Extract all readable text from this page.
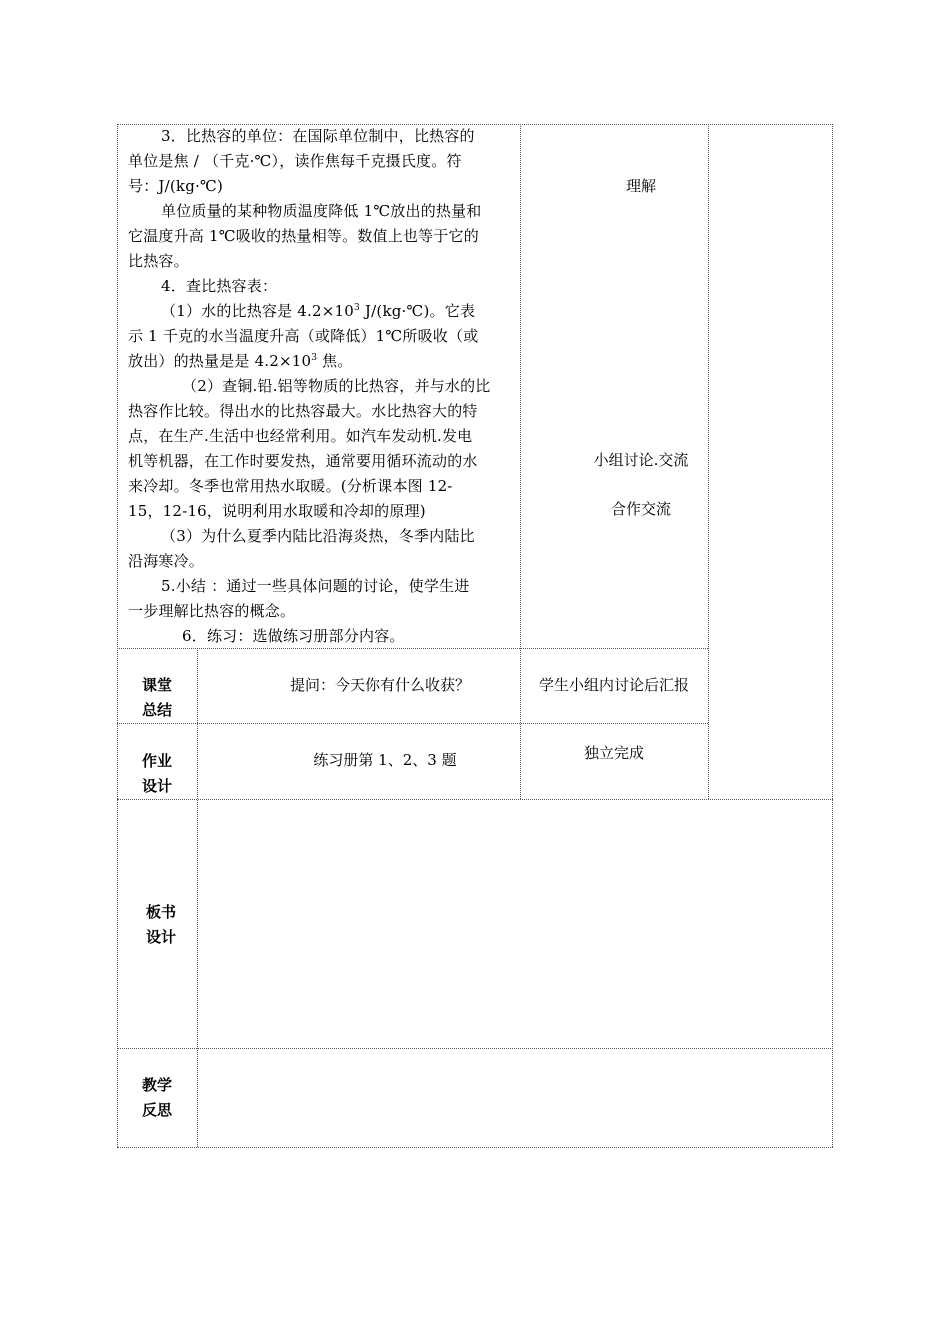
3．比热容的单位：在国际单位制中，比热容的

单位是焦 / （千克·℃），读作焦每千克摄氏度。符

号：J/(kg·℃)

单位质量的某种物质温度降低 1℃放出的热量和

它温度升高 1℃吸收的热量相等。数值上也等于它的

比热容。

4．查比热容表：

（1）水的比热容是 $4.2\times 10^3$ J/(kg·℃)。它表

示 1 千克的水当温度升高（或降低）1℃所吸收（或

放出）的热量是是 $4.2\times 10^3$ 焦。

（2）查铜.铅.铝等物质的比热容，并与水的比

热容作比较。得出水的比热容最大。水比热容大的特

点，在生产.生活中也经常利用。如汽车发动机.发电

机等机器，在工作时要发热，通常要用循环流动的水

来冷却。冬季也常用热水取暖。(分析课本图 12-

15，12-16，说明利用水取暖和冷却的原理)

（3）为什么夏季内陆比沿海炎热，冬季内陆比

沿海寒冷。

5.小结 ：通过一些具体问题的讨论，使学生进

一步理解比热容的概念。

6．练习：选做练习册部分内容。

理解
小组讨论.交流
合作交流
课堂
总结
提问：今天你有什么收获？	学生小组内讨论后汇报
作业
设计
练习册第 1、2、3 题	独立完成
板书
设计
教学
反思
